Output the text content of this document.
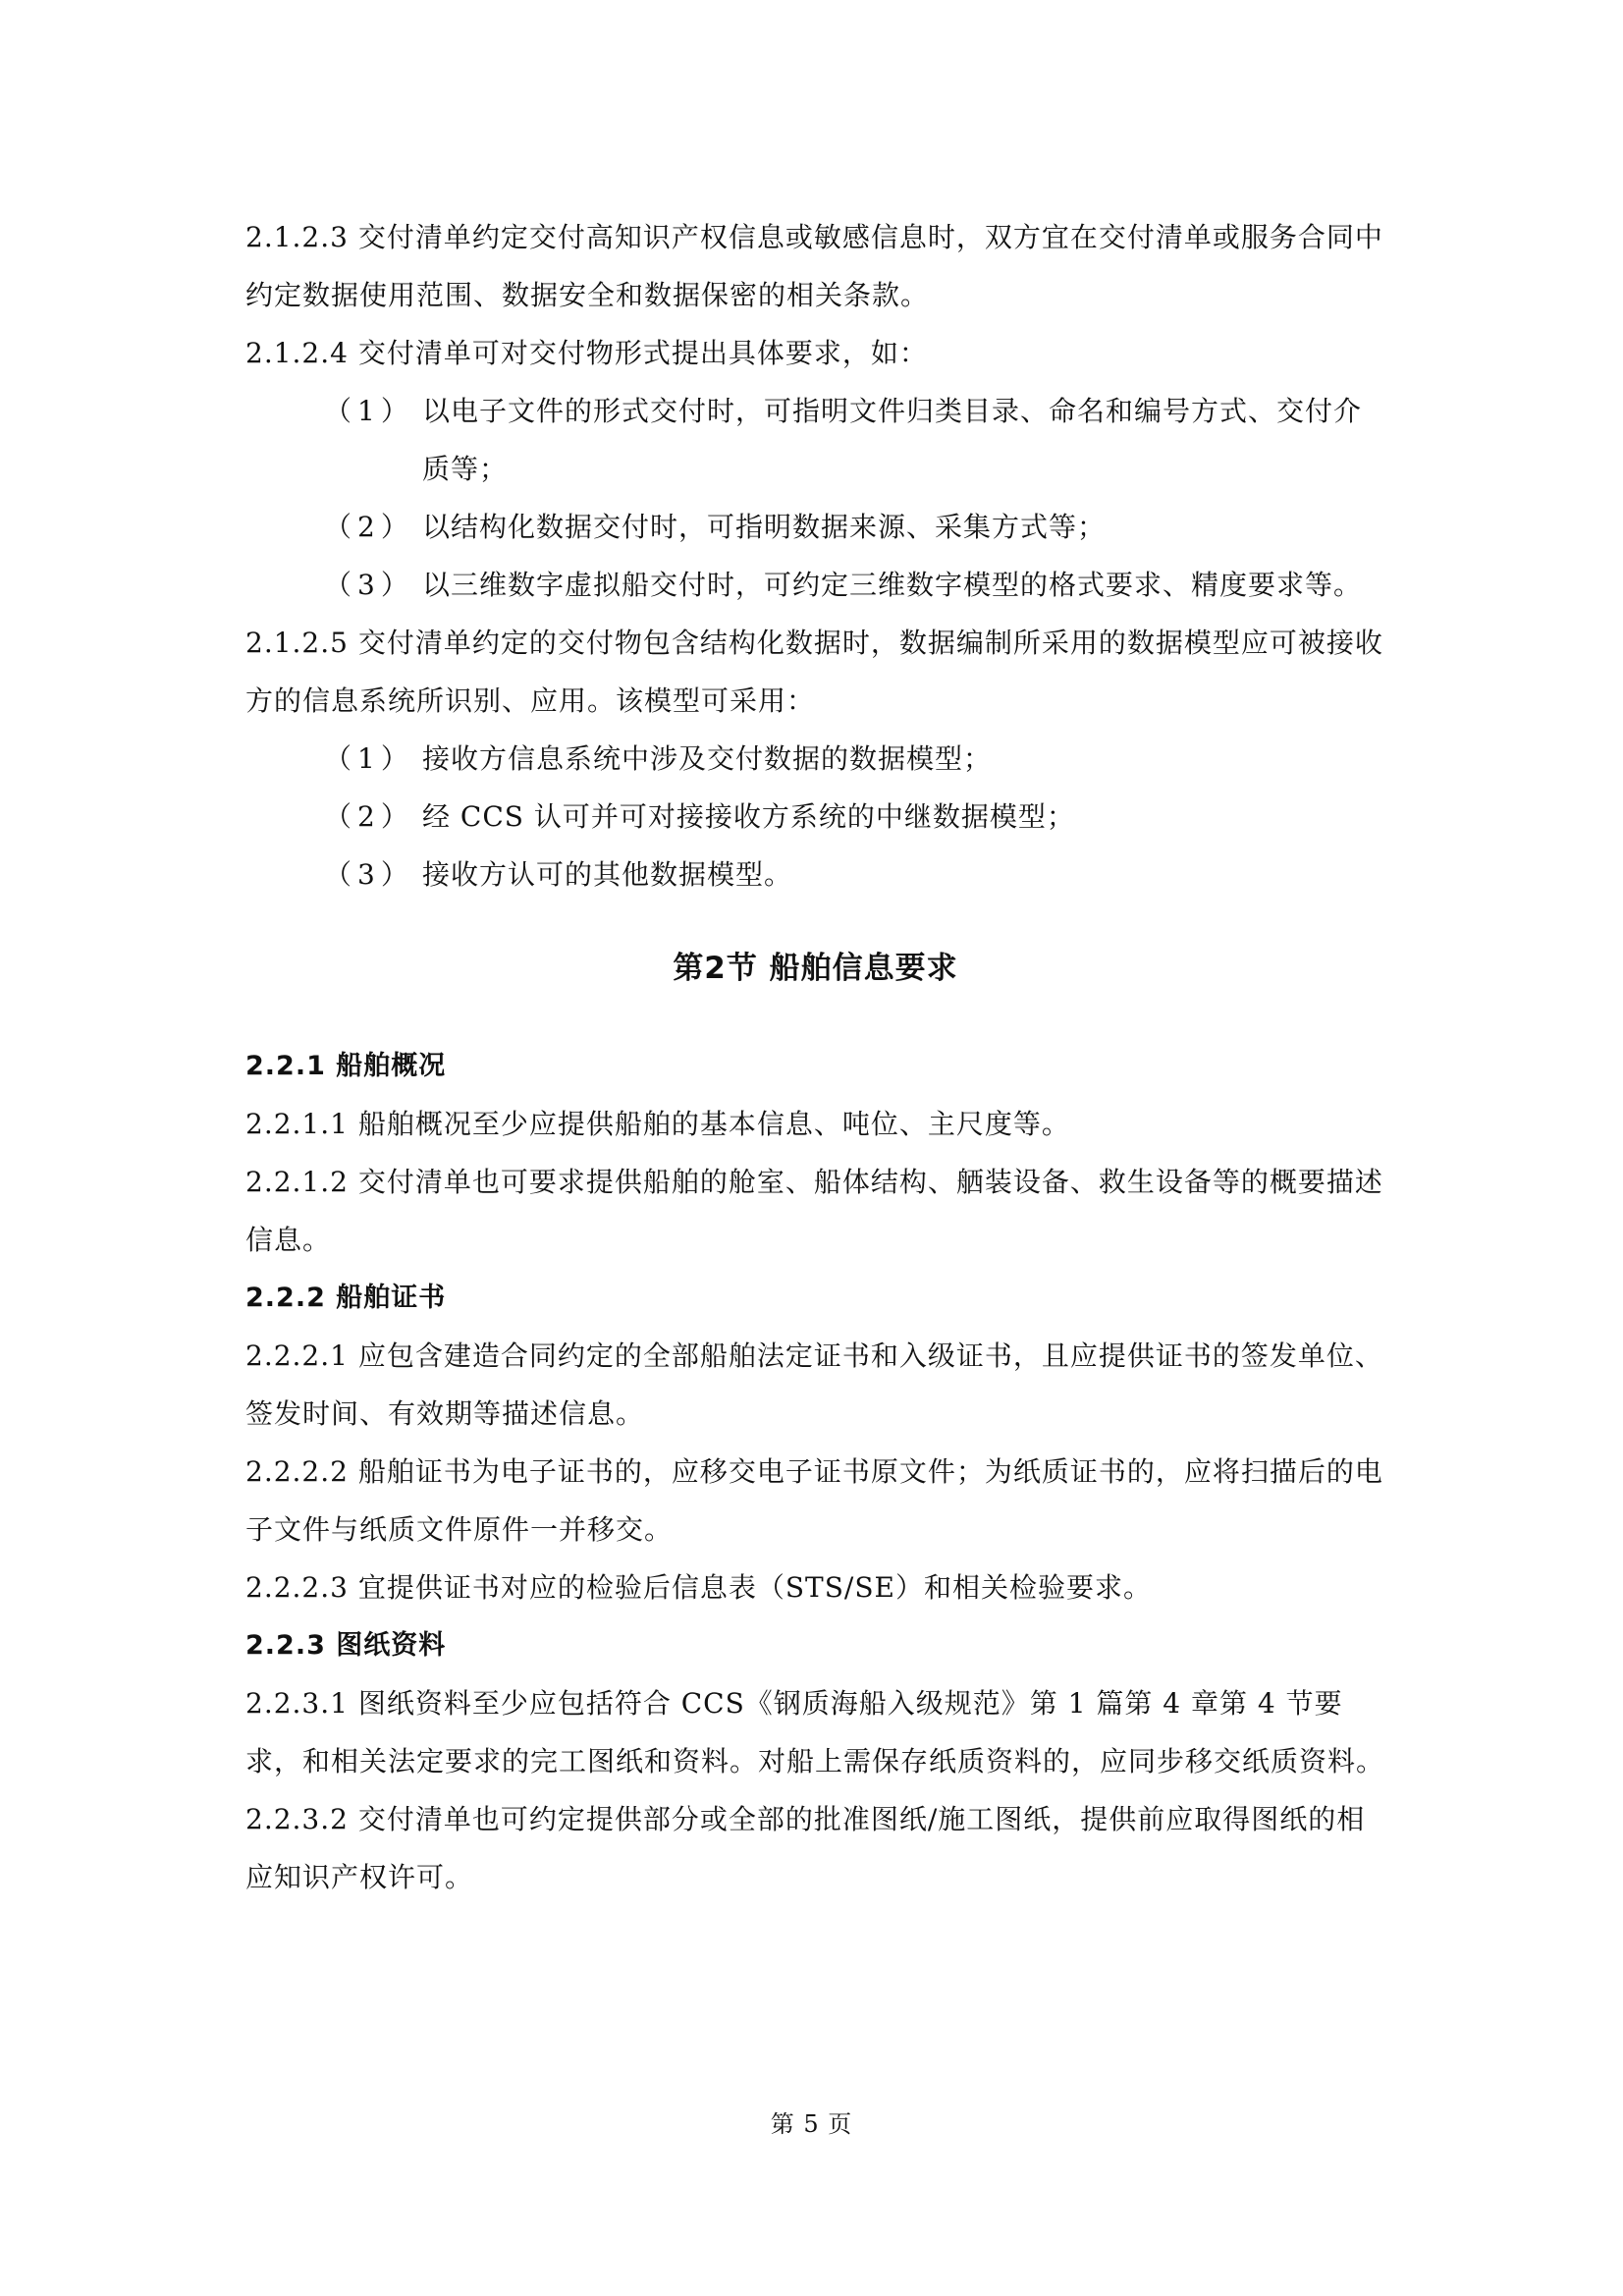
2.1.2.3 交付清单约定交付高知识产权信息或敏感信息时，双方宜在交付清单或服务合同中约定数据使用范围、数据安全和数据保密的相关条款。

2.1.2.4 交付清单可对交付物形式提出具体要求，如：

（1） 以电子文件的形式交付时，可指明文件归类目录、命名和编号方式、交付介质等；
（2） 以结构化数据交付时，可指明数据来源、采集方式等；
（3） 以三维数字虚拟船交付时，可约定三维数字模型的格式要求、精度要求等。

2.1.2.5 交付清单约定的交付物包含结构化数据时，数据编制所采用的数据模型应可被接收方的信息系统所识别、应用。该模型可采用：

（1） 接收方信息系统中涉及交付数据的数据模型；
（2） 经 CCS 认可并可对接接收方系统的中继数据模型；
（3） 接收方认可的其他数据模型。
第2节 船舶信息要求
2.2.1 船舶概况

2.2.1.1 船舶概况至少应提供船舶的基本信息、吨位、主尺度等。

2.2.1.2 交付清单也可要求提供船舶的舱室、船体结构、舾装设备、救生设备等的概要描述信息。

2.2.2 船舶证书

2.2.2.1 应包含建造合同约定的全部船舶法定证书和入级证书，且应提供证书的签发单位、签发时间、有效期等描述信息。

2.2.2.2 船舶证书为电子证书的，应移交电子证书原文件；为纸质证书的，应将扫描后的电子文件与纸质文件原件一并移交。

2.2.2.3 宜提供证书对应的检验后信息表（STS/SE）和相关检验要求。

2.2.3 图纸资料

2.2.3.1 图纸资料至少应包括符合 CCS《钢质海船入级规范》第 1 篇第 4 章第 4 节要求，和相关法定要求的完工图纸和资料。对船上需保存纸质资料的，应同步移交纸质资料。

2.2.3.2 交付清单也可约定提供部分或全部的批准图纸/施工图纸，提供前应取得图纸的相应知识产权许可。

第 5 页
